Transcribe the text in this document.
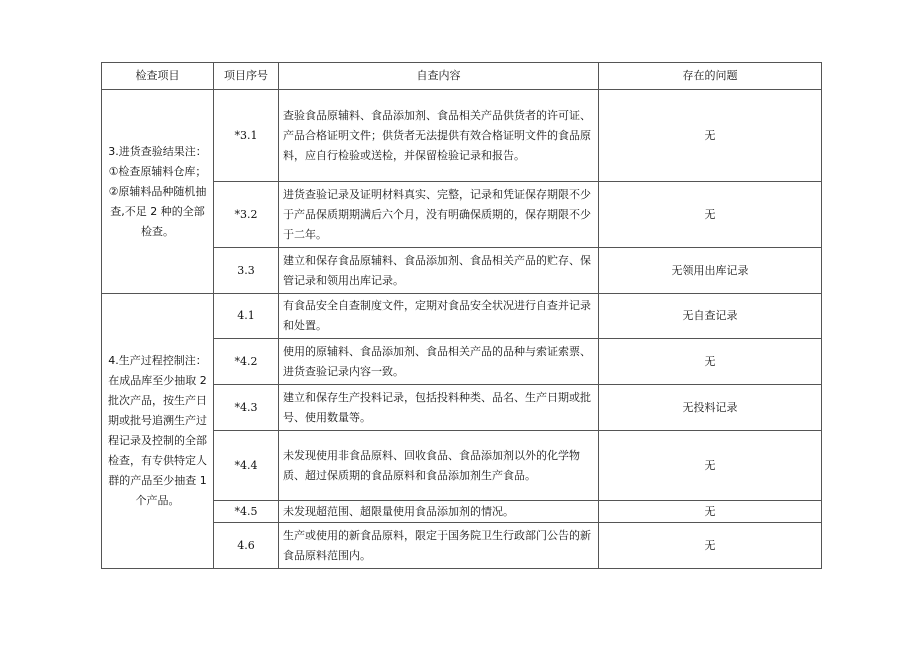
检查项目	项目序号	自查内容	存在的问题
3.进货查验结果注：①检查原辅料仓库；②原辅料品种随机抽查,不足 2 种的全部检查。	*3.1	查验食品原辅料、食品添加剂、食品相关产品供货者的许可证、产品合格证明文件；供货者无法提供有效合格证明文件的食品原料，应自行检验或送检，并保留检验记录和报告。	无
	*3.2	进货查验记录及证明材料真实、完整，记录和凭证保存期限不少于产品保质期期满后六个月，没有明确保质期的，保存期限不少于二年。	无
	3.3	建立和保存食品原辅料、食品添加剂、食品相关产品的贮存、保管记录和领用出库记录。	无领用出库记录
4.生产过程控制注：在成品库至少抽取 2 批次产品，按生产日期或批号追溯生产过程记录及控制的全部检查，有专供特定人群的产品至少抽查 1 个产品。	4.1	有食品安全自查制度文件，定期对食品安全状况进行自查并记录和处置。	无自查记录
	*4.2	使用的原辅料、食品添加剂、食品相关产品的品种与索证索票、进货查验记录内容一致。	无
	*4.3	建立和保存生产投料记录，包括投料种类、品名、生产日期或批号、使用数量等。	无投料记录
	*4.4	未发现使用非食品原料、回收食品、食品添加剂以外的化学物质、超过保质期的食品原料和食品添加剂生产食品。	无
	*4.5	未发现超范围、超限量使用食品添加剂的情况。	无
	4.6	生产或使用的新食品原料，限定于国务院卫生行政部门公告的新食品原料范围内。	无
